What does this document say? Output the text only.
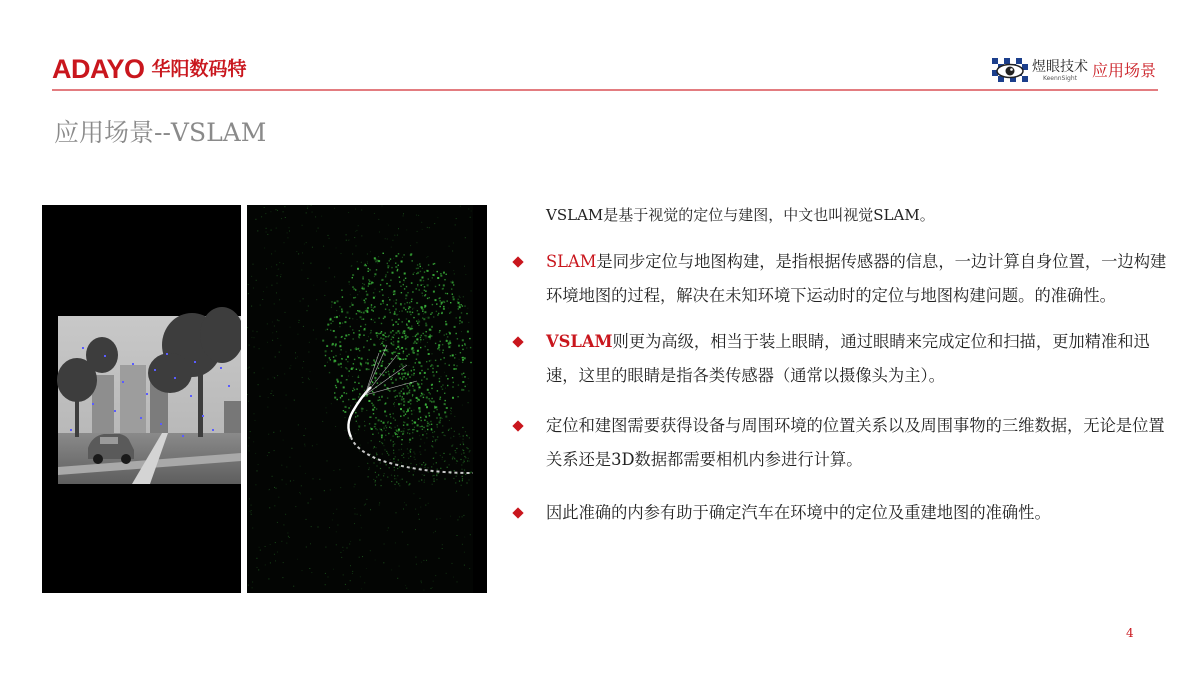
ADAYO 华阳数码特	煜眼技术
KeennSight 应用场景
应用场景--VSLAM

VSLAM是基于视觉的定位与建图，中文也叫视觉SLAM。

SLAM是同步定位与地图构建，是指根据传感器的信息，一边计算自身位置，一边构建环境地图的过程，解决在未知环境下运动时的定位与地图构建问题。的准确性。
VSLAM则更为高级，相当于装上眼睛，通过眼睛来完成定位和扫描，更加精准和迅速，这里的眼睛是指各类传感器（通常以摄像头为主）。
定位和建图需要获得设备与周围环境的位置关系以及周围事物的三维数据，无论是位置关系还是3D数据都需要相机内参进行计算。
因此准确的内参有助于确定汽车在环境中的定位及重建地图的准确性。
4
